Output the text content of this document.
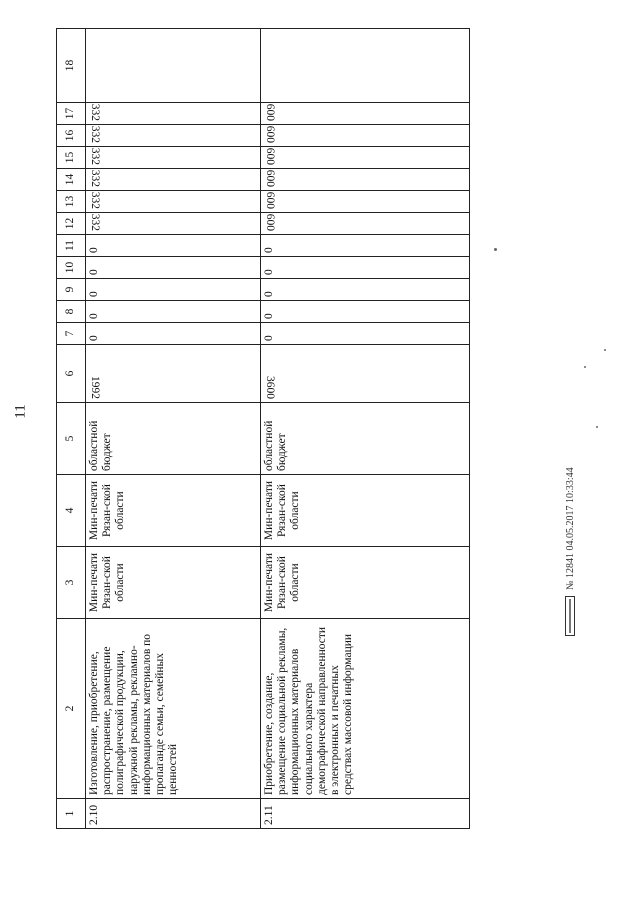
11
1	2	3	4	5	6	7	8	9	10	11	12	13	14	15	16	17	18
2.10	Изготовление, приобретение, распространение, размещение полиграфической продукции, наружной рекламы, рекламно-информационных материалов по пропаганде семьи, семейных ценностей	Мин-печати Рязан-ской области	Мин-печати Рязан-ской области	областной бюджет	1992	0	0	0	0	0	332	332	332	332	332	332	
2.11	Приобретение, создание, размещение социальной рекламы, информационных материалов социального характера демографической направленности в электронных и печатных средствах массовой информации	Мин-печати Рязан-ской области	Мин-печати Рязан-ской области	областной бюджет	3600	0	0	0	0	0	600	600	600	600	600	600	
№ 12841 04.05.2017 10:33:44
